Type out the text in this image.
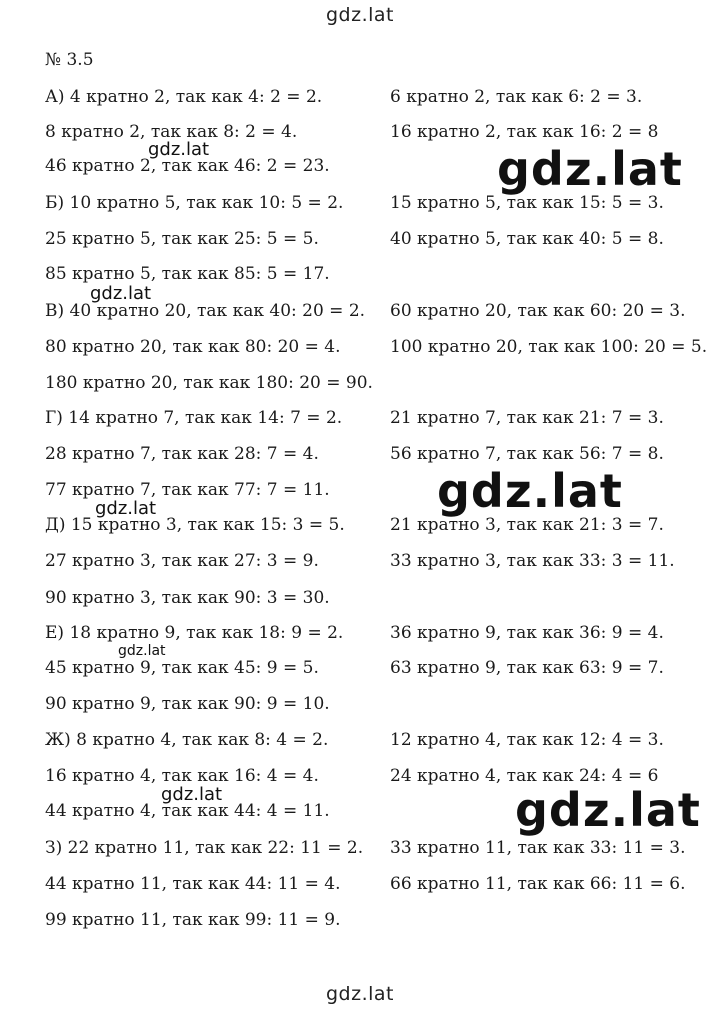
gdz.lat
№ 3.5
А) 4 кратно 2, так как 4: 2 = 2.	6 кратно 2, так как 6: 2 = 3.
8 кратно 2, так как 8: 2 = 4.	16 кратно 2, так как 16: 2 = 8
46 кратно 2, так как 46: 2 = 23.
Б) 10 кратно 5, так как 10: 5 = 2.	15 кратно 5, так как 15: 5 = 3.
25 кратно 5, так как 25: 5 = 5.	40 кратно 5, так как 40: 5 = 8.
85 кратно 5, так как 85: 5 = 17.
В) 40 кратно 20, так как 40: 20 = 2. 60 кратно 20, так как 60: 20 = 3.
80 кратно 20, так как 80: 20 = 4.	100 кратно 20, так как 100: 20 = 5.
180 кратно 20, так как 180: 20 = 90.
Г) 14 кратно 7, так как 14: 7 = 2.	21 кратно 7, так как 21: 7 = 3.
28 кратно 7, так как 28: 7 = 4.	56 кратно 7, так как 56: 7 = 8.
77 кратно 7, так как 77: 7 = 11.
Д) 15 кратно 3, так как 15: 3 = 5.	21 кратно 3, так как 21: 3 = 7.
27 кратно 3, так как 27: 3 = 9.	33 кратно 3, так как 33: 3 = 11.
90 кратно 3, так как 90: 3 = 30.
Е) 18 кратно 9, так как 18: 9 = 2.	36 кратно 9, так как 36: 9 = 4.
45 кратно 9, так как 45: 9 = 5.	63 кратно 9, так как 63: 9 = 7.
90 кратно 9, так как 90: 9 = 10.
Ж) 8 кратно 4, так как 8: 4 = 2.	12 кратно 4, так как 12: 4 = 3.
16 кратно 4, так как 16: 4 = 4.	24 кратно 4, так как 24: 4 = 6
44 кратно 4, так как 44: 4 = 11.
З) 22 кратно 11, так как 22: 11 = 2. 33 кратно 11, так как 33: 11 = 3.
44 кратно 11, так как 44: 11 = 4.	66 кратно 11, так как 66: 11 = 6.
99 кратно 11, так как 99: 11 = 9.
gdz.lat	gdz.lat
gdz.lat
gdz.lat
gdz.lat
gdz.lat
gdz.lat	gdz.lat
gdz.lat
